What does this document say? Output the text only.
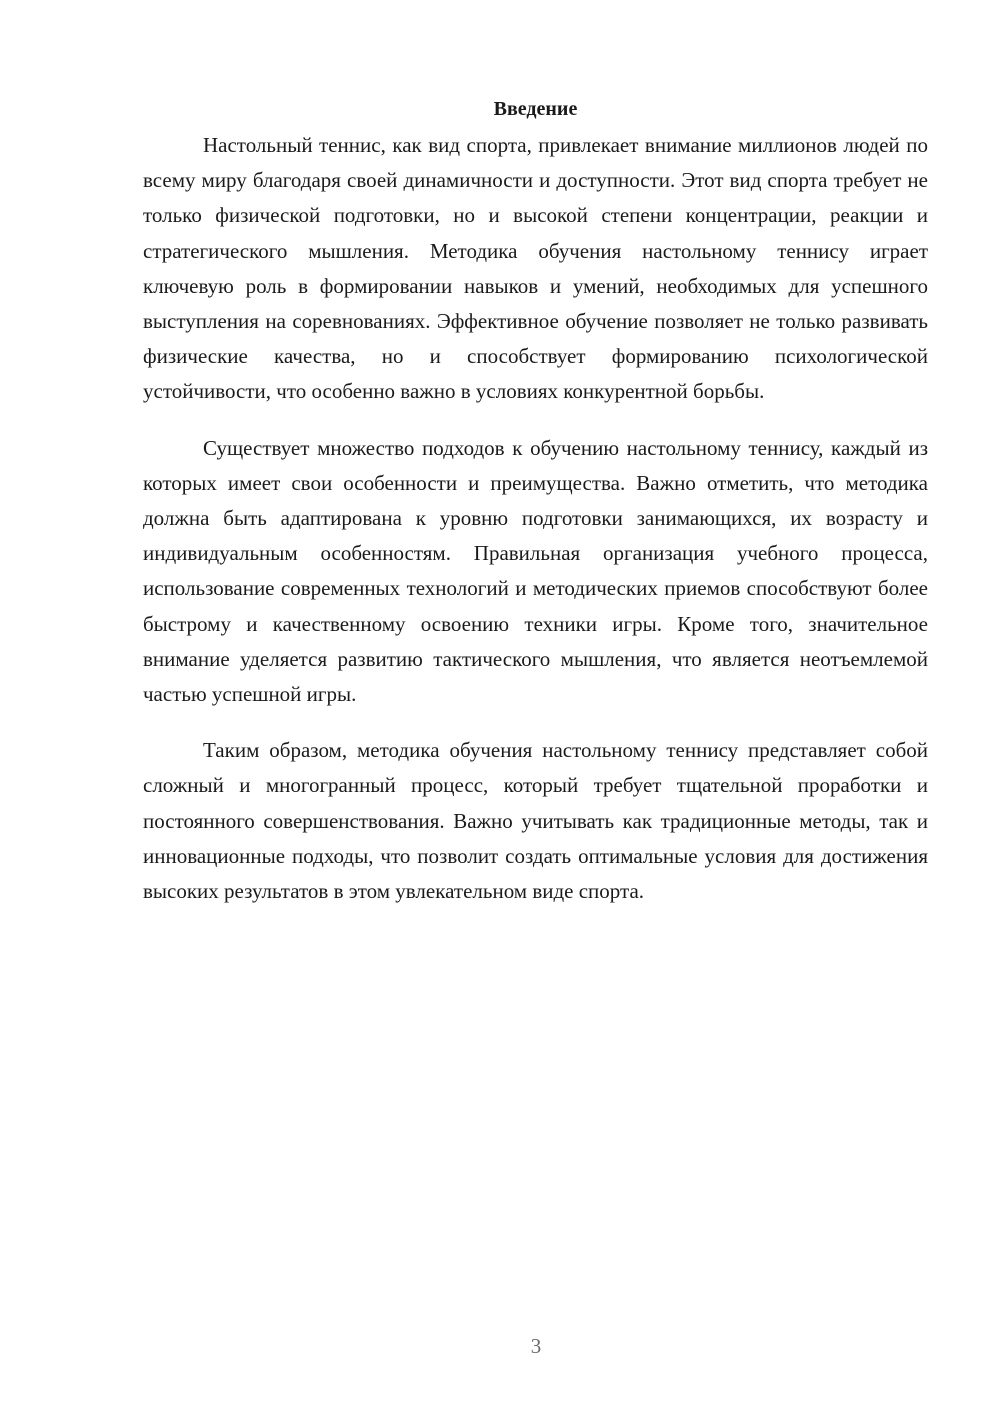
Введение

Настольный теннис, как вид спорта, привлекает внимание миллионов людей по всему миру благодаря своей динамичности и доступности. Этот вид спорта требует не только физической подготовки, но и высокой степени концентрации, реакции и стратегического мышления. Методика обучения настольному теннису играет ключевую роль в формировании навыков и умений, необходимых для успешного выступления на соревнованиях. Эффективное обучение позволяет не только развивать физические качества, но и способствует формированию психологической устойчивости, что особенно важно в условиях конкурентной борьбы.

Существует множество подходов к обучению настольному теннису, каждый из которых имеет свои особенности и преимущества. Важно отметить, что методика должна быть адаптирована к уровню подготовки занимающихся, их возрасту и индивидуальным особенностям. Правильная организация учебного процесса, использование современных технологий и методических приемов способствуют более быстрому и качественному освоению техники игры. Кроме того, значительное внимание уделяется развитию тактического мышления, что является неотъемлемой частью успешной игры.

Таким образом, методика обучения настольному теннису представляет собой сложный и многогранный процесс, который требует тщательной проработки и постоянного совершенствования. Важно учитывать как традиционные методы, так и инновационные подходы, что позволит создать оптимальные условия для достижения высоких результатов в этом увлекательном виде спорта.

3
